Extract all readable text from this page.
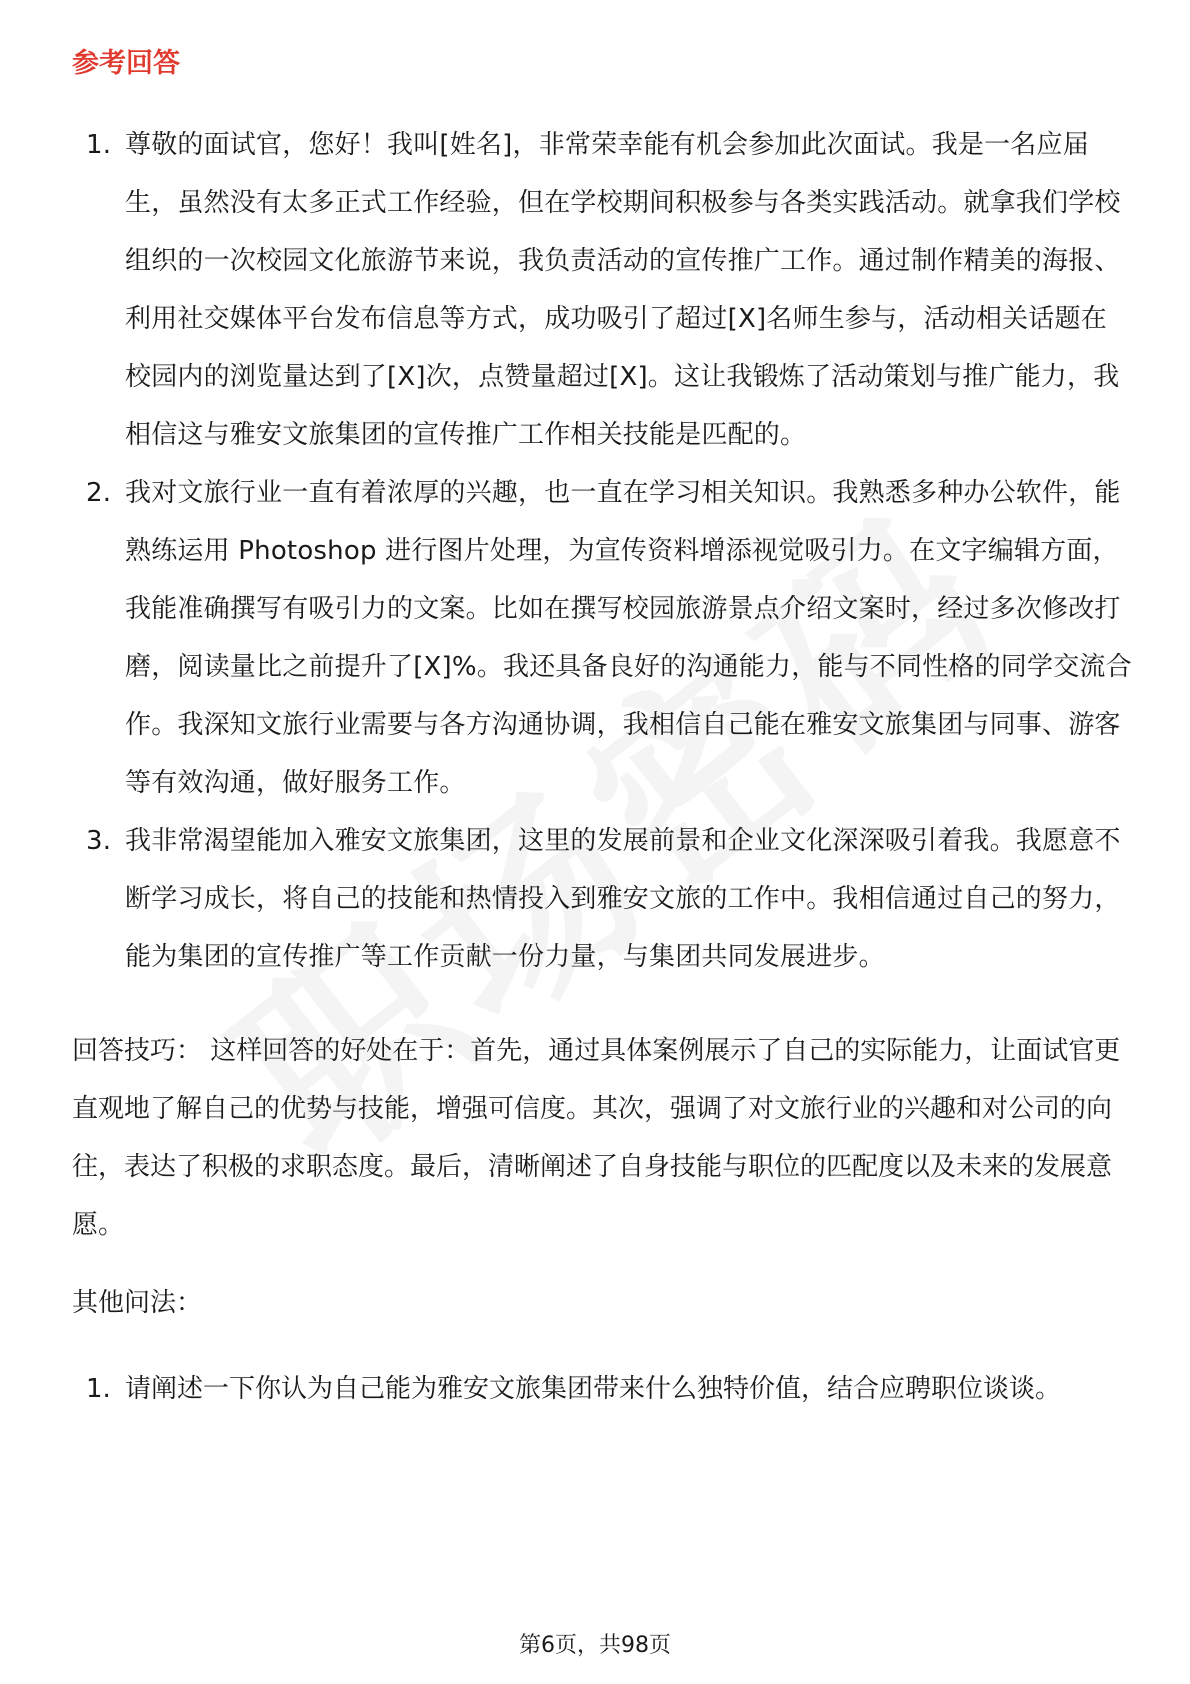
参考回答
1. 尊敬的面试官，您好！我叫[姓名]，非常荣幸能有机会参加此次面试。我是一名应届生，虽然没有太多正式工作经验，但在学校期间积极参与各类实践活动。就拿我们学校组织的一次校园文化旅游节来说，我负责活动的宣传推广工作。通过制作精美的海报、利用社交媒体平台发布信息等方式，成功吸引了超过[X]名师生参与，活动相关话题在校园内的浏览量达到了[X]次，点赞量超过[X]。这让我锻炼了活动策划与推广能力，我相信这与雅安文旅集团的宣传推广工作相关技能是匹配的。
2. 我对文旅行业一直有着浓厚的兴趣，也一直在学习相关知识。我熟悉多种办公软件，能熟练运用 Photoshop 进行图片处理，为宣传资料增添视觉吸引力。在文字编辑方面，我能准确撰写有吸引力的文案。比如在撰写校园旅游景点介绍文案时，经过多次修改打磨，阅读量比之前提升了[X]%。我还具备良好的沟通能力，能与不同性格的同学交流合作。我深知文旅行业需要与各方沟通协调，我相信自己能在雅安文旅集团与同事、游客等有效沟通，做好服务工作。
3. 我非常渴望能加入雅安文旅集团，这里的发展前景和企业文化深深吸引着我。我愿意不断学习成长，将自己的技能和热情投入到雅安文旅的工作中。我相信通过自己的努力，能为集团的宣传推广等工作贡献一份力量，与集团共同发展进步。
回答技巧： 这样回答的好处在于：首先，通过具体案例展示了自己的实际能力，让面试官更直观地了解自己的优势与技能，增强可信度。其次，强调了对文旅行业的兴趣和对公司的向往，表达了积极的求职态度。最后，清晰阐述了自身技能与职位的匹配度以及未来的发展意愿。
其他问法：
1. 请阐述一下你认为自己能为雅安文旅集团带来什么独特价值，结合应聘职位谈谈。
第6页，共98页
